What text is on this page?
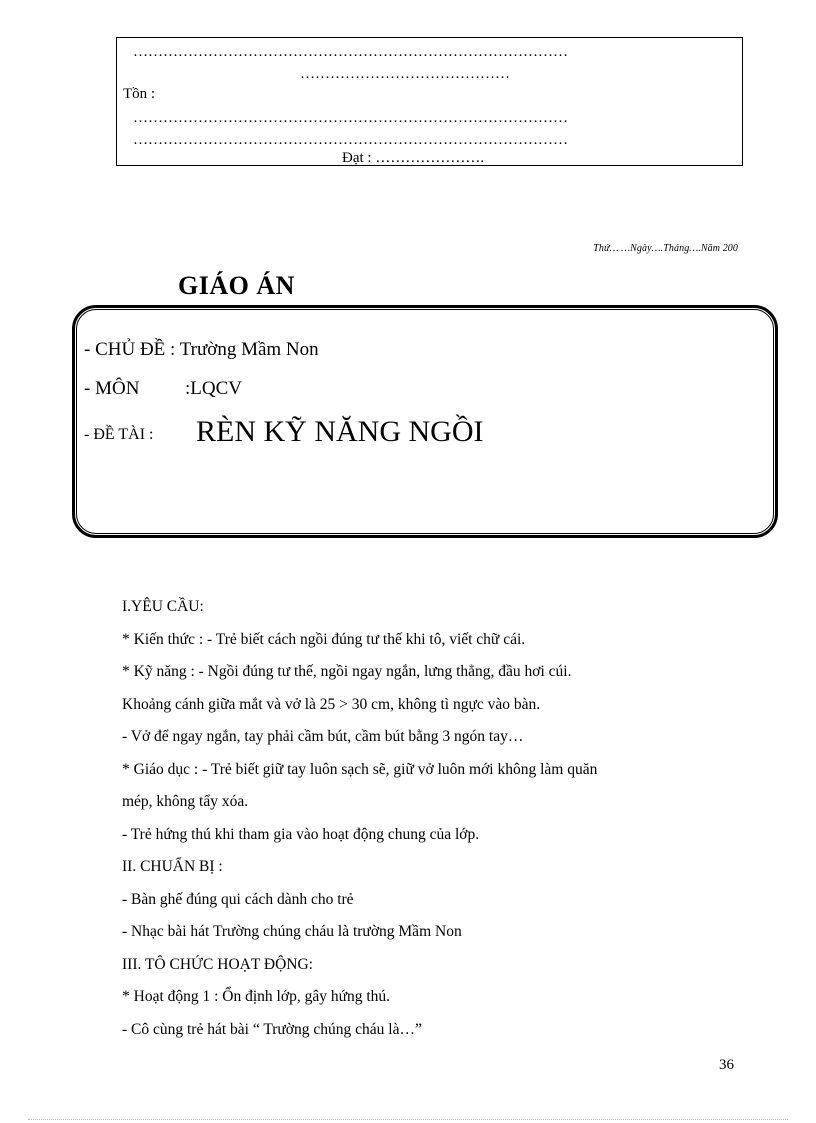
……………………………………………………………………………
……………………………………
Tồn :
……………………………………………………………………………
……………………………………………………………………………
Đạt : ………………….
Thứ… …Ngày….Tháng….Năm 200
GIÁO ÁN
- CHỦ ĐỀ : Trường Mầm Non
- MÔN :LQCV
- ĐỀ TÀI : RÈN KỸ NĂNG NGỒI
I.YÊU CẦU:
* Kiến thức : - Trẻ biết cách ngồi đúng tư thế khi tô, viết chữ cái.
* Kỹ năng : - Ngồi đúng tư thế, ngồi ngay ngắn, lưng thẳng, đầu hơi cúi.
Khoảng cánh giữa mắt và vở là 25 > 30 cm, không tì ngực vào bàn.
- Vở để ngay ngắn, tay phải cầm bút, cầm bút bằng 3 ngón tay…
* Giáo dục : - Trẻ biết giữ tay luôn sạch sẽ, giữ vở luôn mới không làm quăn
mép, không tẩy xóa.
- Trẻ hứng thú khi tham gia vào hoạt động chung của lớp.
II. CHUẨN BỊ :
- Bàn ghế đúng qui cách dành cho trẻ
- Nhạc bài hát Trường chúng cháu là trường Mầm Non
III. TÔ CHỨC HOẠT ĐỘNG:
* Hoạt động 1 : Ổn định lớp, gây hứng thú.
- Cô cùng trẻ hát bài “ Trường chúng cháu là…”
36
